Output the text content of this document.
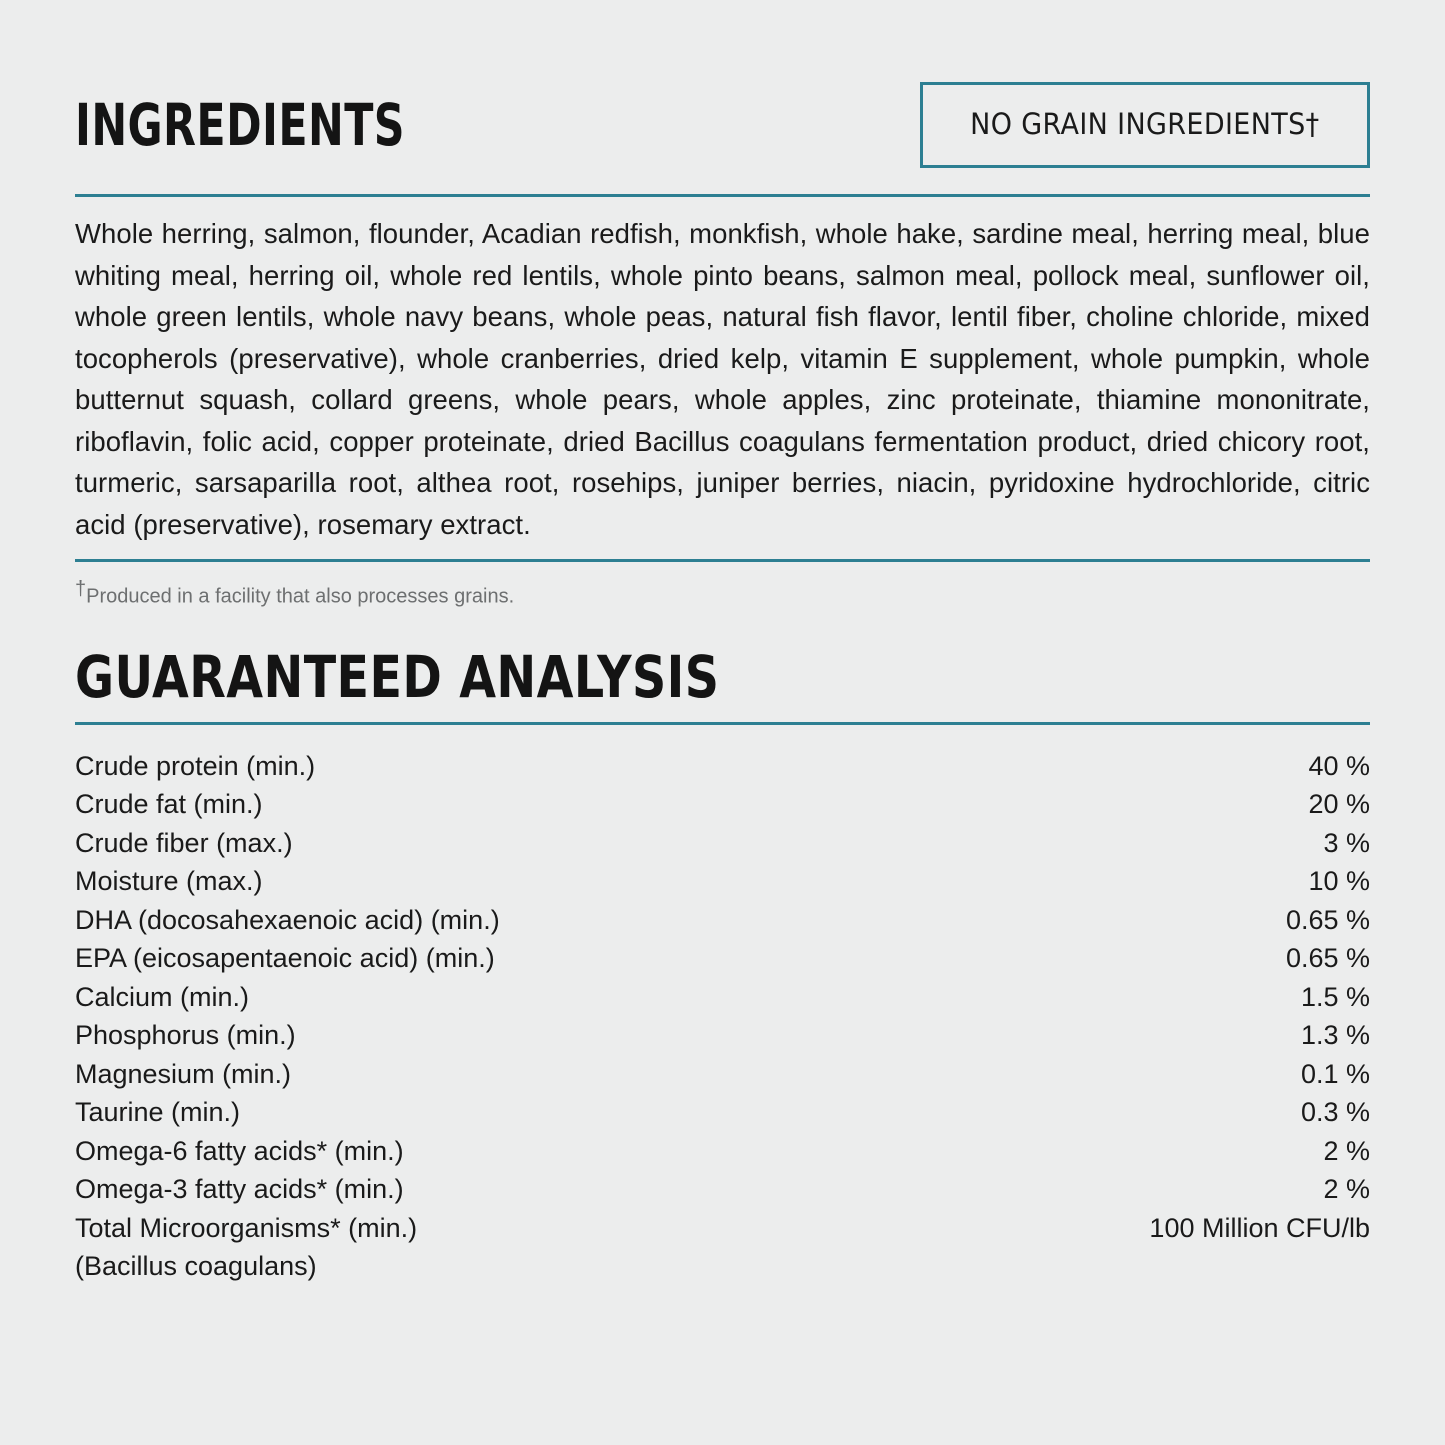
INGREDIENTS	NO GRAIN INGREDIENTS†

Whole herring, salmon, flounder, Acadian redfish, monkfish, whole hake, sardine meal, herring meal, blue whiting meal, herring oil, whole red lentils, whole pinto beans, salmon meal, pollock meal, sunflower oil, whole green lentils, whole navy beans, whole peas, natural fish flavor, lentil fiber, choline chloride, mixed tocopherols (preservative), whole cranberries, dried kelp, vitamin E supplement, whole pumpkin, whole butternut squash, collard greens, whole pears, whole apples, zinc proteinate, thiamine mononitrate, riboflavin, folic acid, copper proteinate, dried Bacillus coagulans fermentation product, dried chicory root, turmeric, sarsaparilla root, althea root, rosehips, juniper berries, niacin, pyridoxine hydrochloride, citric acid (preservative), rosemary extract.

†Produced in a facility that also processes grains.

GUARANTEED ANALYSIS
Crude protein (min.)	40 %
Crude fat (min.)	20 %
Crude fiber (max.)	3 %
Moisture (max.)	10 %
DHA (docosahexaenoic acid) (min.)	0.65 %
EPA (eicosapentaenoic acid) (min.)	0.65 %
Calcium (min.)	1.5 %
Phosphorus (min.)	1.3 %
Magnesium (min.)	0.1 %
Taurine (min.)	0.3 %
Omega-6 fatty acids* (min.)	2 %
Omega-3 fatty acids* (min.)	2 %
Total Microorganisms* (min.)	100 Million CFU/lb
(Bacillus coagulans)	
